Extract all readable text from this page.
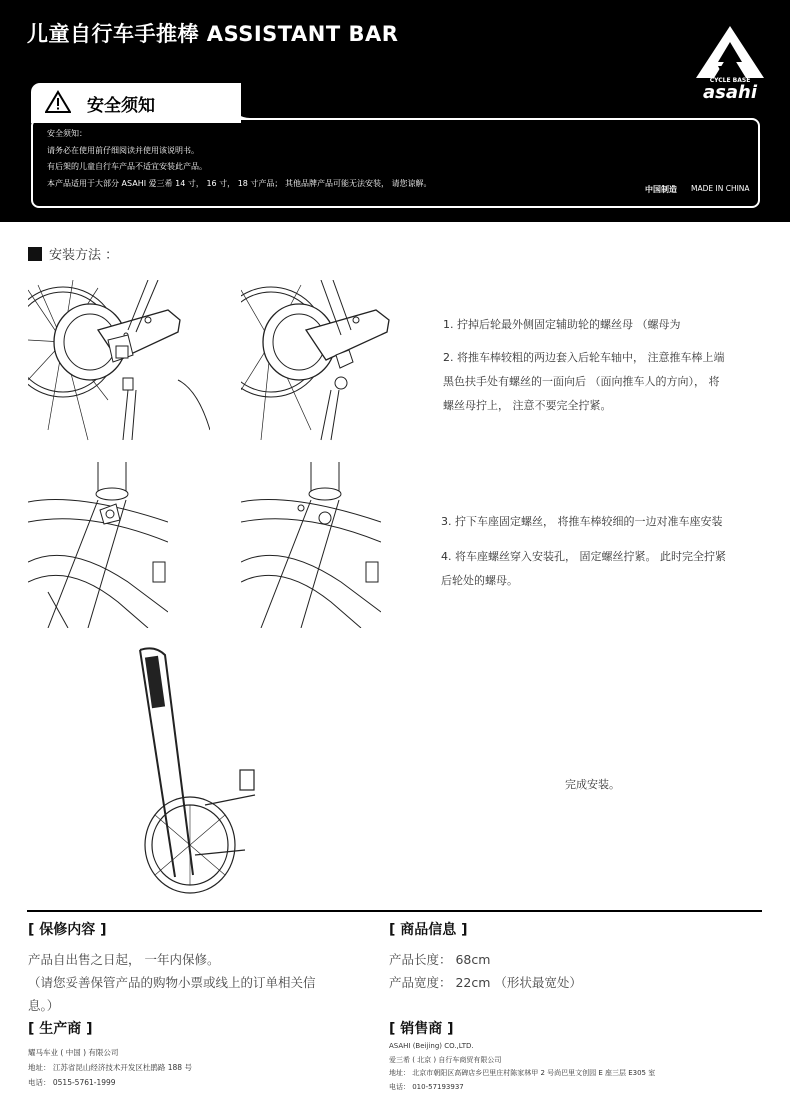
儿童自行车手推棒 ASSISTANT BAR
CYCLE BASE
asahi
安全须知
安全须知：
请务必在使用前仔细阅读并使用该说明书。
有后架的儿童自行车产品不适宜安装此产品。
本产品适用于大部分 ASAHI 爱三希 14 寸， 16 寸， 18 寸产品； 其他品牌产品可能无法安装， 请您谅解。
中国制造 MADE IN CHINA
安装方法 ：
1. 拧掉后轮最外侧固定辅助轮的螺丝母 （螺母为
2. 将推车棒较粗的两边套入后轮车轴中， 注意推车棒上端
黑色扶手处有螺丝的一面向后 （面向推车人的方向）， 将
螺丝母拧上， 注意不要完全拧紧。
3. 拧下车座固定螺丝， 将推车棒较细的一边对准车座安装
4. 将车座螺丝穿入安装孔， 固定螺丝拧紧。 此时完全拧紧
后轮处的螺母。
完成安装。
[ 保修内容 ]
产品自出售之日起， 一年内保修。
（请您妥善保管产品的购物小票或线上的订单相关信
息。）
[ 商品信息 ]
产品长度： 68cm
产品宽度： 22cm （形状最宽处）
[ 生产商 ]
耀马车业 ( 中国 ) 有限公司
地址： 江苏省昆山经济技术开发区杜鹃路 188 号
电话： 0515-5761-1999
[ 销售商 ]
ASAHI (Beijing) CO.,LTD.
爱三希 ( 北京 ) 自行车商贸有限公司
地址： 北京市朝阳区高碑店乡巴里庄村陈家林甲 2 号尚巴里文创园 E 座三层 E305 室
电话： 010-57193937
